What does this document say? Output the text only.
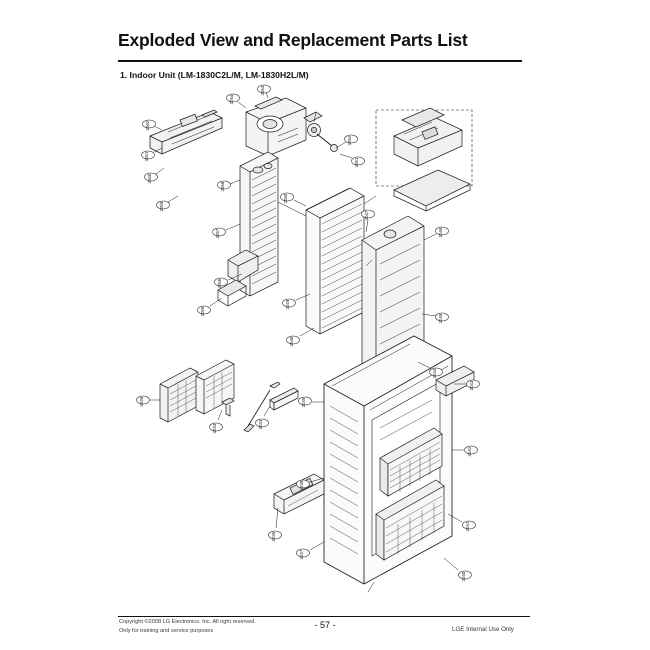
Exploded View and Replacement Parts List
1. Indoor Unit (LM-1830C2L/M, LM-1830H2L/M)
3062
3061
3060
3059
3058
3057
3056
3055
3054
3053
3052
3051
3050
3049
3048
3047
3046
3045
3044
3043
3042
3041
3040
3039
3038
3037
3036
3035
3034	3033
Copyright ©2008 LG Electronics. Inc. All right reserved.
Only for training and service purposes
- 57 -	LGE Internal Use Only
